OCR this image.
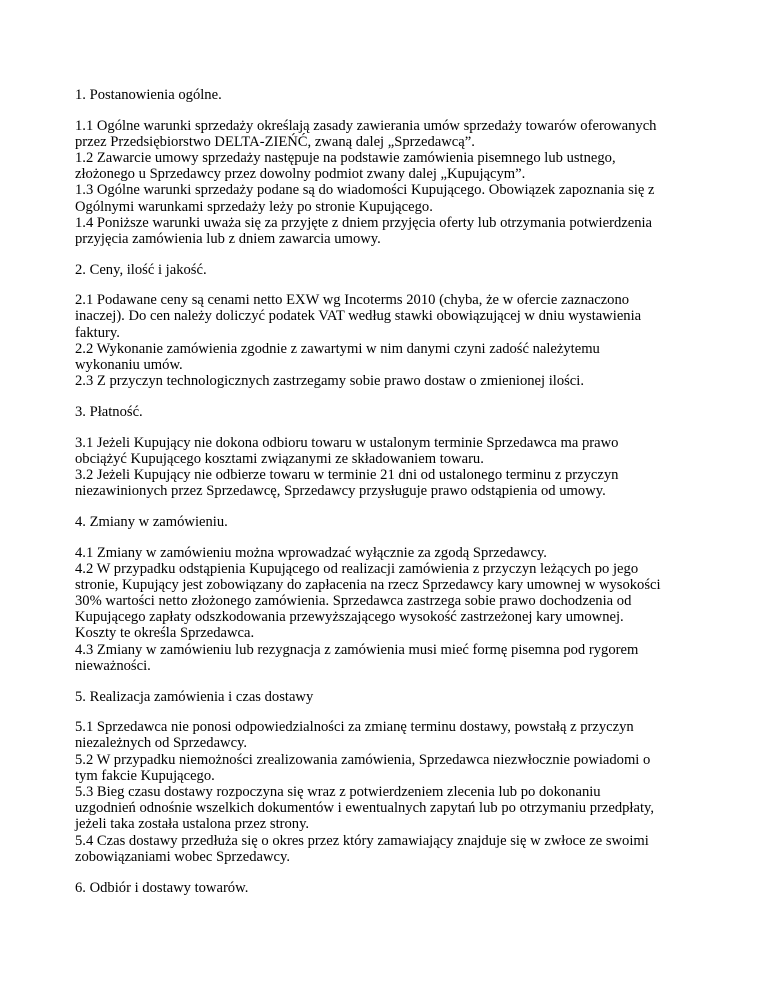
1. Postanowienia ogólne.
1.1 Ogólne warunki sprzedaży określają zasady zawierania umów sprzedaży towarów oferowanych
przez Przedsiębiorstwo DELTA-ZIEŃĆ, zwaną dalej „Sprzedawcą”.
1.2 Zawarcie umowy sprzedaży następuje na podstawie zamówienia pisemnego lub ustnego,
złożonego u Sprzedawcy przez dowolny podmiot zwany dalej „Kupującym”.
1.3 Ogólne warunki sprzedaży podane są do wiadomości Kupującego. Obowiązek zapoznania się z
Ogólnymi warunkami sprzedaży leży po stronie Kupującego.
1.4 Poniższe warunki uważa się za przyjęte z dniem przyjęcia oferty lub otrzymania potwierdzenia
przyjęcia zamówienia lub z dniem zawarcia umowy.
2. Ceny, ilość i jakość.
2.1 Podawane ceny są cenami netto EXW wg Incoterms 2010 (chyba, że w ofercie zaznaczono
inaczej). Do cen należy doliczyć podatek VAT według stawki obowiązującej w dniu wystawienia
faktury.
2.2 Wykonanie zamówienia zgodnie z zawartymi w nim danymi czyni zadość należytemu
wykonaniu umów.
2.3 Z przyczyn technologicznych zastrzegamy sobie prawo dostaw o zmienionej ilości.
3. Płatność.
3.1 Jeżeli Kupujący nie dokona odbioru towaru w ustalonym terminie Sprzedawca ma prawo
obciążyć Kupującego kosztami związanymi ze składowaniem towaru.
3.2 Jeżeli Kupujący nie odbierze towaru w terminie 21 dni od ustalonego terminu z przyczyn
niezawinionych przez Sprzedawcę, Sprzedawcy przysługuje prawo odstąpienia od umowy.
4. Zmiany w zamówieniu.
4.1 Zmiany w zamówieniu można wprowadzać wyłącznie za zgodą Sprzedawcy.
4.2 W przypadku odstąpienia Kupującego od realizacji zamówienia z przyczyn leżących po jego
stronie, Kupujący jest zobowiązany do zapłacenia na rzecz Sprzedawcy kary umownej w wysokości
30% wartości netto złożonego zamówienia. Sprzedawca zastrzega sobie prawo dochodzenia od
Kupującego zapłaty odszkodowania przewyższającego wysokość zastrzeżonej kary umownej.
Koszty te określa Sprzedawca.
4.3 Zmiany w zamówieniu lub rezygnacja z zamówienia musi mieć formę pisemna pod rygorem
nieważności.
5. Realizacja zamówienia i czas dostawy
5.1 Sprzedawca nie ponosi odpowiedzialności za zmianę terminu dostawy, powstałą z przyczyn
niezależnych od Sprzedawcy.
5.2 W przypadku niemożności zrealizowania zamówienia, Sprzedawca niezwłocznie powiadomi o
tym fakcie Kupującego.
5.3 Bieg czasu dostawy rozpoczyna się wraz z potwierdzeniem zlecenia lub po dokonaniu
uzgodnień odnośnie wszelkich dokumentów i ewentualnych zapytań lub po otrzymaniu przedpłaty,
jeżeli taka została ustalona przez strony.
5.4 Czas dostawy przedłuża się o okres przez który zamawiający znajduje się w zwłoce ze swoimi
zobowiązaniami wobec Sprzedawcy.
6. Odbiór i dostawy towarów.
